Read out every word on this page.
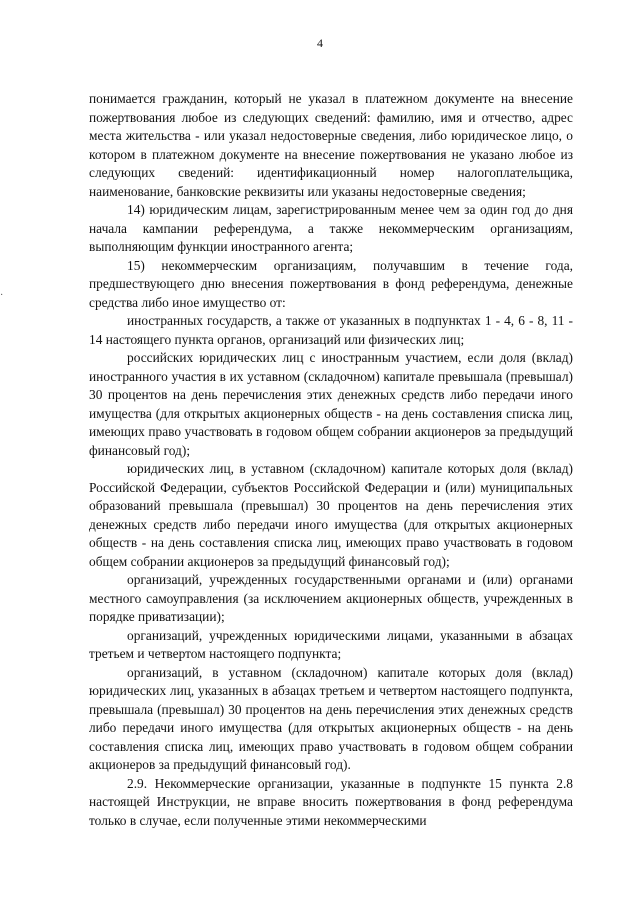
4
·

понимается гражданин, который не указал в платежном документе на внесение пожертвования любое из следующих сведений: фамилию, имя и отчество, адрес места жительства - или указал недостоверные сведения, либо юридическое лицо, о котором в платежном документе на внесение пожертвования не указано любое из следующих сведений: идентификационный номер налогоплательщика, наименование, банковские реквизиты или указаны недостоверные сведения;

14) юридическим лицам, зарегистрированным менее чем за один год до дня начала кампании референдума, а также некоммерческим организациям, выполняющим функции иностранного агента;

15) некоммерческим организациям, получавшим в течение года, предшествующего дню внесения пожертвования в фонд референдума, денежные средства либо иное имущество от:

иностранных государств, а также от указанных в подпунктах 1 - 4, 6 - 8, 11 - 14 настоящего пункта органов, организаций или физических лиц;

российских юридических лиц с иностранным участием, если доля (вклад) иностранного участия в их уставном (складочном) капитале превышала (превышал) 30 процентов на день перечисления этих денежных средств либо передачи иного имущества (для открытых акционерных обществ - на день составления списка лиц, имеющих право участвовать в годовом общем собрании акционеров за предыдущий финансовый год);

юридических лиц, в уставном (складочном) капитале которых доля (вклад) Российской Федерации, субъектов Российской Федерации и (или) муниципальных образований превышала (превышал) 30 процентов на день перечисления этих денежных средств либо передачи иного имущества (для открытых акционерных обществ - на день составления списка лиц, имеющих право участвовать в годовом общем собрании акционеров за предыдущий финансовый год);

организаций, учрежденных государственными органами и (или) органами местного самоуправления (за исключением акционерных обществ, учрежденных в порядке приватизации);

организаций, учрежденных юридическими лицами, указанными в абзацах третьем и четвертом настоящего подпункта;

организаций, в уставном (складочном) капитале которых доля (вклад) юридических лиц, указанных в абзацах третьем и четвертом настоящего подпункта, превышала (превышал) 30 процентов на день перечисления этих денежных средств либо передачи иного имущества (для открытых акционерных обществ - на день составления списка лиц, имеющих право участвовать в годовом общем собрании акционеров за предыдущий финансовый год).

2.9. Некоммерческие организации, указанные в подпункте 15 пункта 2.8 настоящей Инструкции, не вправе вносить пожертвования в фонд референдума только в случае, если полученные этими некоммерческими
